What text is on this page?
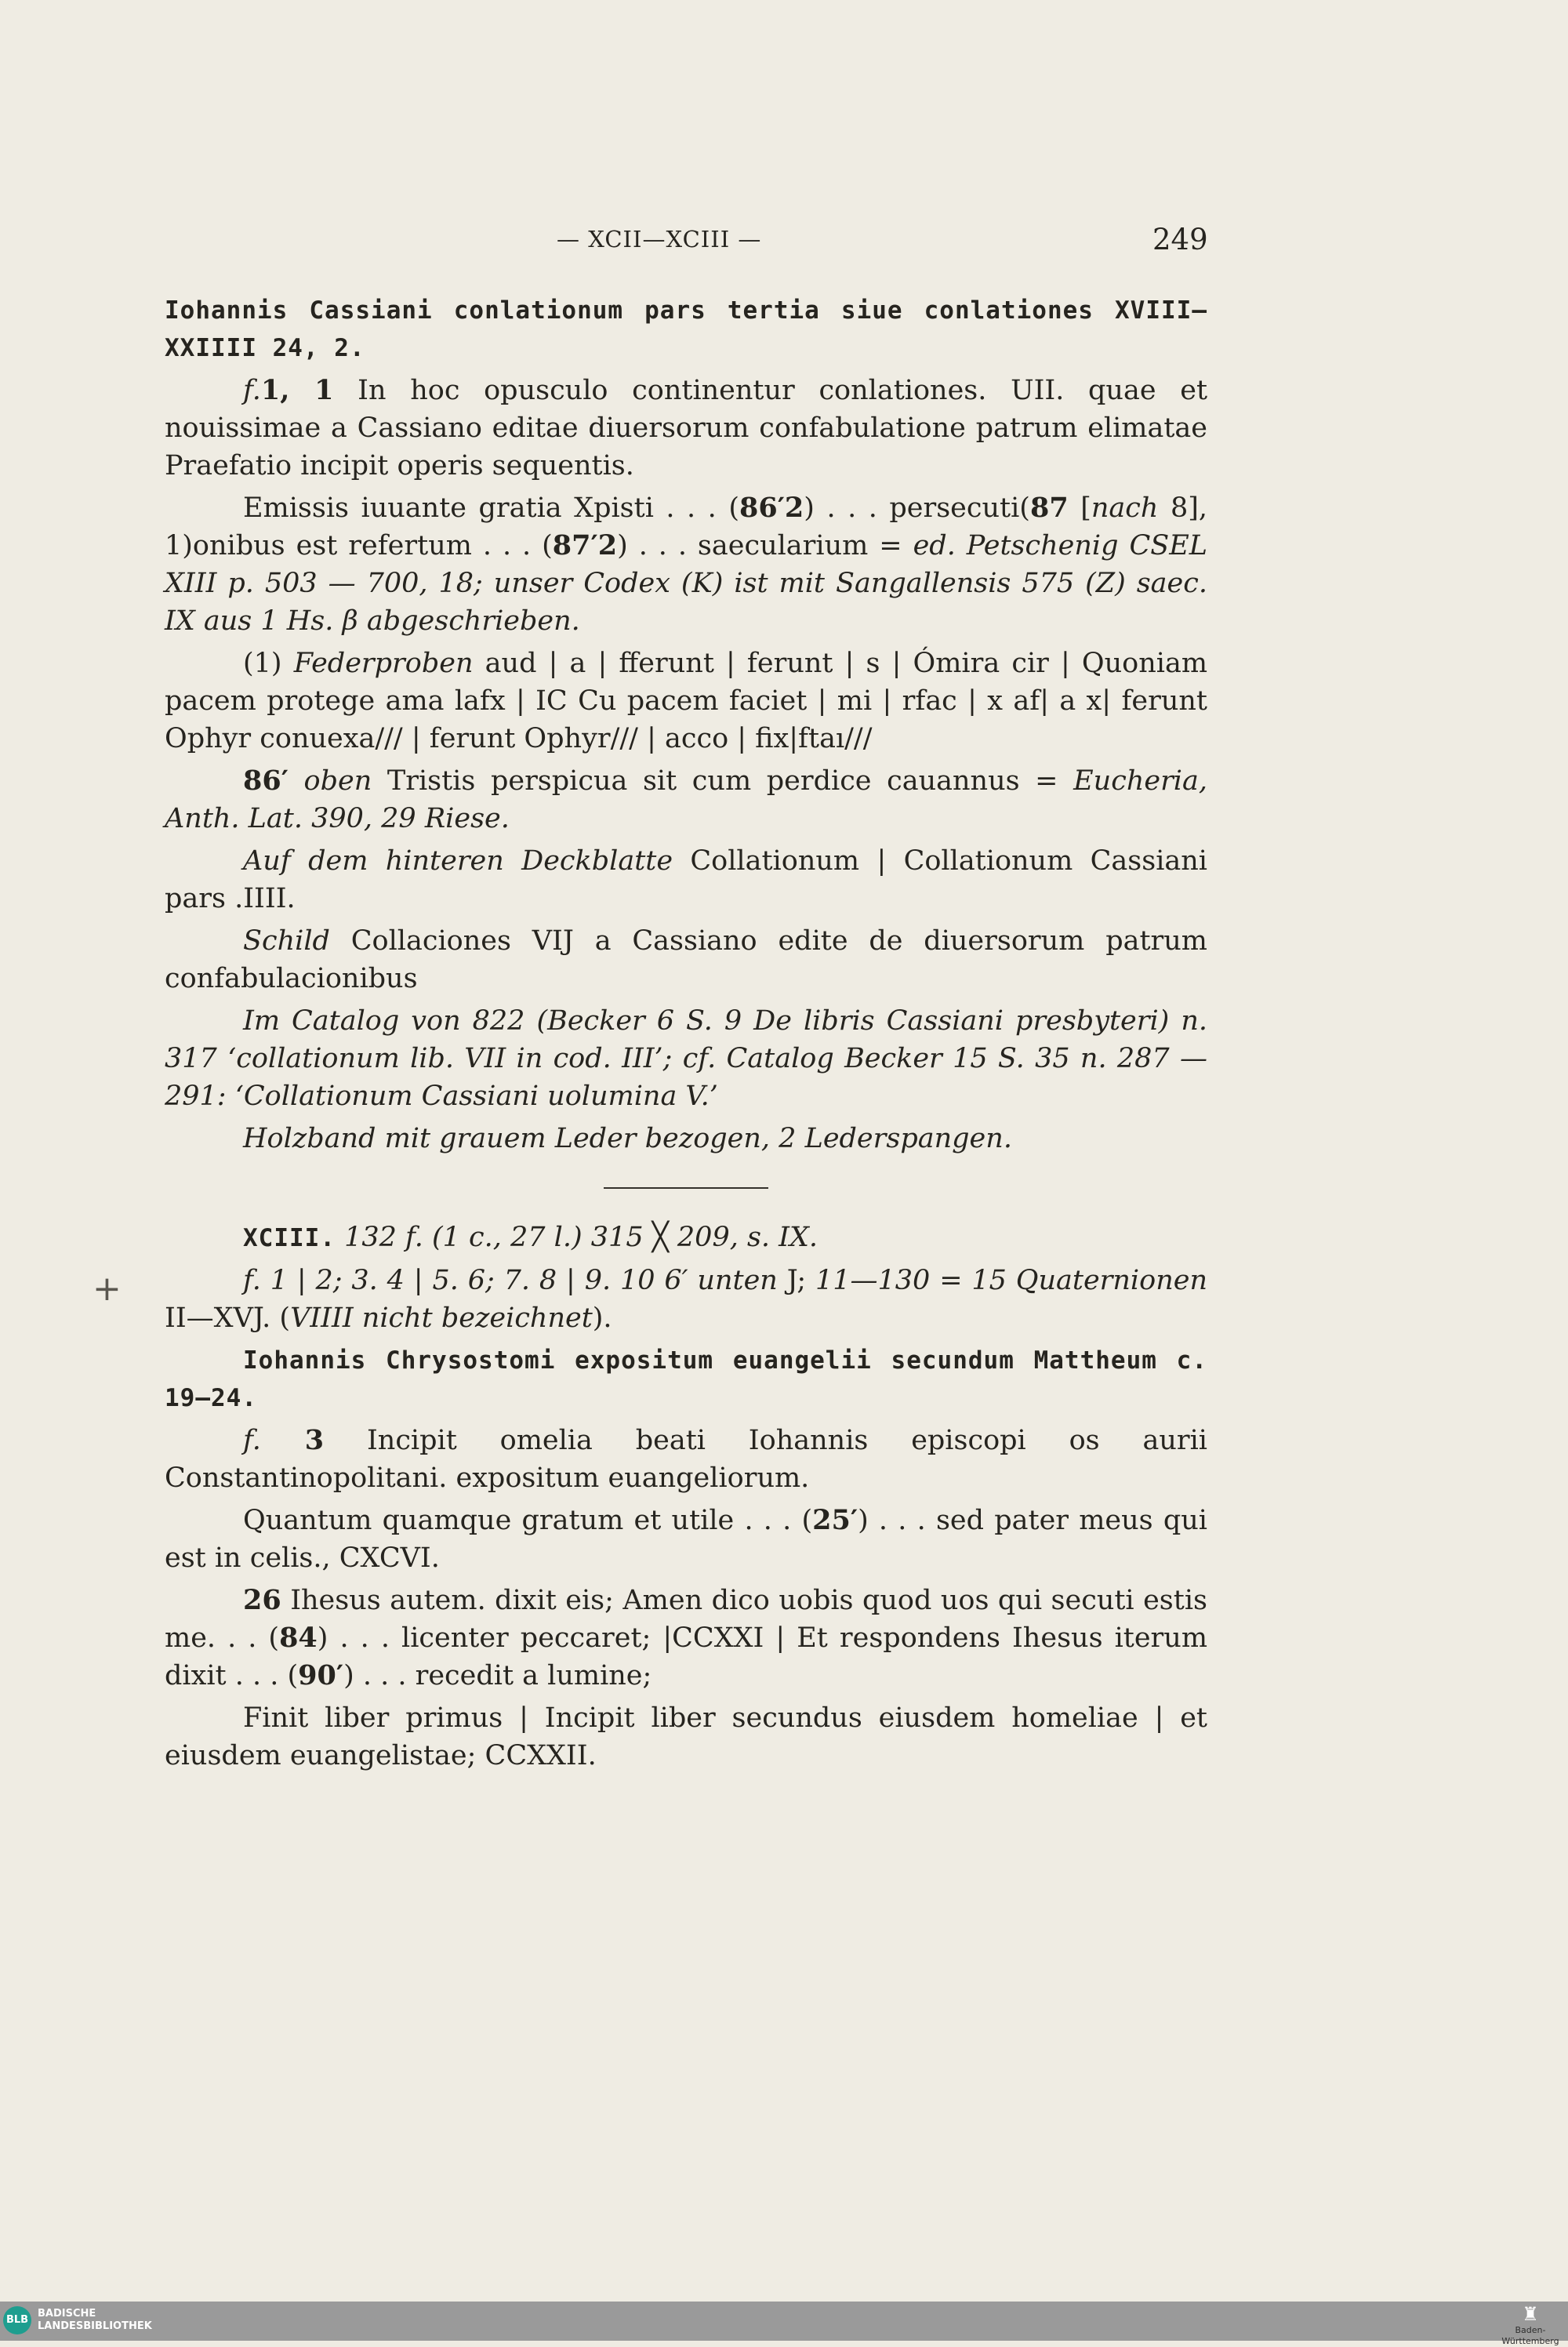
+
— XCII—XCIII —	249

Iohannis Cassiani conlationum pars tertia siue conlationes XVIII—XXIIII 24, 2.

f.1, 1 In hoc opusculo continentur conlationes. UII. quae et nouissimae a Cassiano editae diuersorum confabulatione patrum elimatae Praefatio incipit operis sequentis.

Emissis iuuante gratia Xpisti . . . (86′2) . . . persecuti(87 [nach 8], 1)onibus est refertum . . . (87′2) . . . saecularium = ed. Petschenig CSEL XIII p. 503 — 700, 18; unser Codex (K) ist mit Sangallensis 575 (Z) saec. IX aus 1 Hs. β abgeschrieben.

(1) Federproben aud | a | fferunt | ferunt | s | Ómira cir | Quoniam pacem protege ama lafx | IC Cu pacem faciet | mi | rfac | x af| a x| ferunt Ophyr conuexa/// | ferunt Ophyr/// | acco | fix|ftaı///

86′ oben Tristis perspicua sit cum perdice cauannus = Eucheria, Anth. Lat. 390, 29 Riese.

Auf dem hinteren Deckblatte Collationum | Collationum Cassiani pars .IIII.

Schild Collaciones VIJ a Cassiano edite de diuersorum patrum confabulacionibus

Im Catalog von 822 (Becker 6 S. 9 De libris Cassiani presbyteri) n. 317 ‘collationum lib. VII in cod. III’; cf. Catalog Becker 15 S. 35 n. 287 —291: ‘Collationum Cassiani uolumina V.’

Holzband mit grauem Leder bezogen, 2 Lederspangen.

XCIII. 132 f. (1 c., 27 l.) 315 ╳ 209, s. IX.

f. 1 | 2; 3. 4 | 5. 6; 7. 8 | 9. 10 6′ unten J; 11—130 = 15 Quaternionen II—XVJ. (VIIII nicht bezeichnet).

Iohannis Chrysostomi expositum euangelii secundum Mattheum c. 19—24.

f. 3 Incipit omelia beati Iohannis episcopi os aurii Constantinopolitani. expositum euangeliorum.

Quantum quamque gratum et utile . . . (25′) . . . sed pater meus qui est in celis., CXCVI.

26 Ihesus autem. dixit eis; Amen dico uobis quod uos qui secuti estis me. . . (84) . . . licenter peccaret; |CCXXI | Et respondens Ihesus iterum dixit . . . (90′) . . . recedit a lumine;

Finit liber primus | Incipit liber secundus eiusdem homeliae | et eiusdem euangelistae; CCXXII.

BLB
BADISCHE
LANDESBIBLIOTHEK
♜
Baden-Württemberg
